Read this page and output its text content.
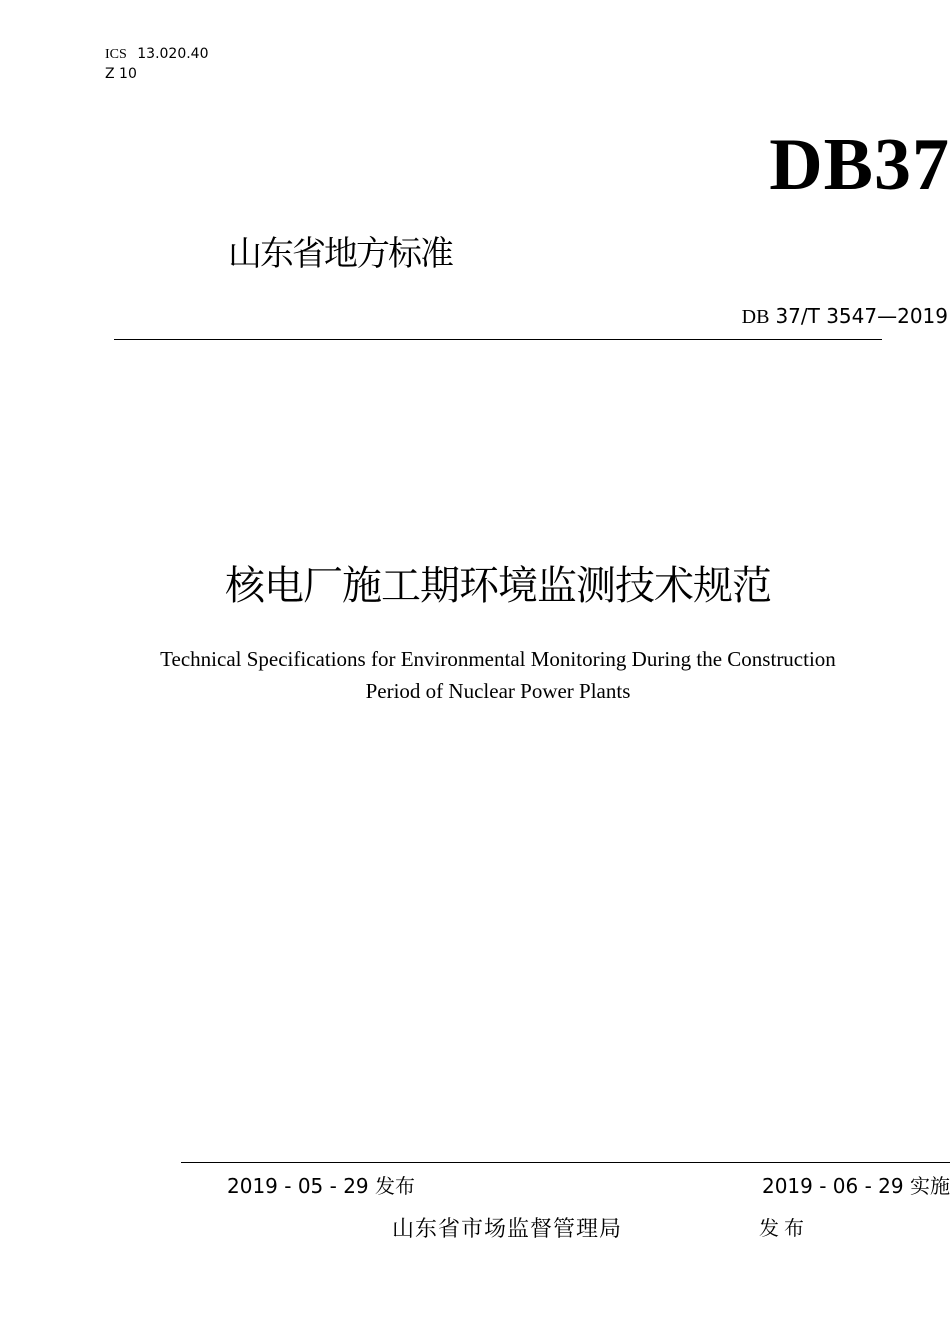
ICS 13.020.40
Z 10
DB37
山东省地方标准
DB 37/T 3547—2019
核电厂施工期环境监测技术规范
Technical Specifications for Environmental Monitoring During the Construction
Period of Nuclear Power Plants
2019 - 05 - 29 发布	2019 - 06 - 29 实施
山东省市场监督管理局	发布
